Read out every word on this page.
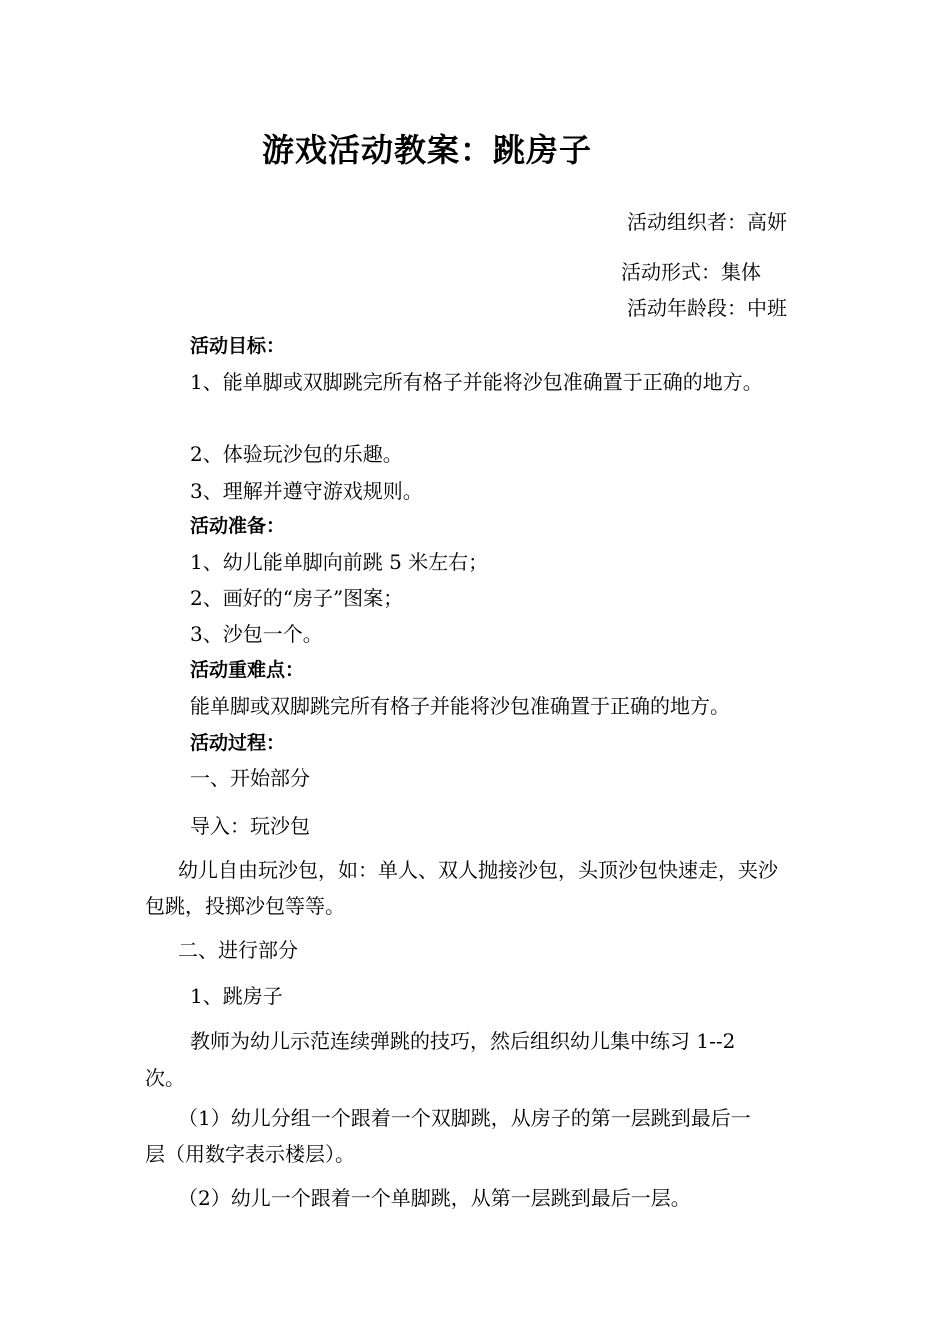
游戏活动教案：跳房子
活动组织者：高妍
活动形式：集体
活动年龄段：中班
活动目标：
1、能单脚或双脚跳完所有格子并能将沙包准确置于正确的地方。
2、体验玩沙包的乐趣。
3、理解并遵守游戏规则。
活动准备：
1、幼儿能单脚向前跳 5 米左右；
2、画好的“房子”图案；
3、沙包一个。
活动重难点：
能单脚或双脚跳完所有格子并能将沙包准确置于正确的地方。
活动过程：
一、开始部分
导入：玩沙包
幼儿自由玩沙包，如：单人、双人抛接沙包，头顶沙包快速走，夹沙
包跳，投掷沙包等等。
二、进行部分
1、跳房子
教师为幼儿示范连续弹跳的技巧，然后组织幼儿集中练习 1--2
次。
（1）幼儿分组一个跟着一个双脚跳，从房子的第一层跳到最后一
层（用数字表示楼层）。
（2）幼儿一个跟着一个单脚跳，从第一层跳到最后一层。
